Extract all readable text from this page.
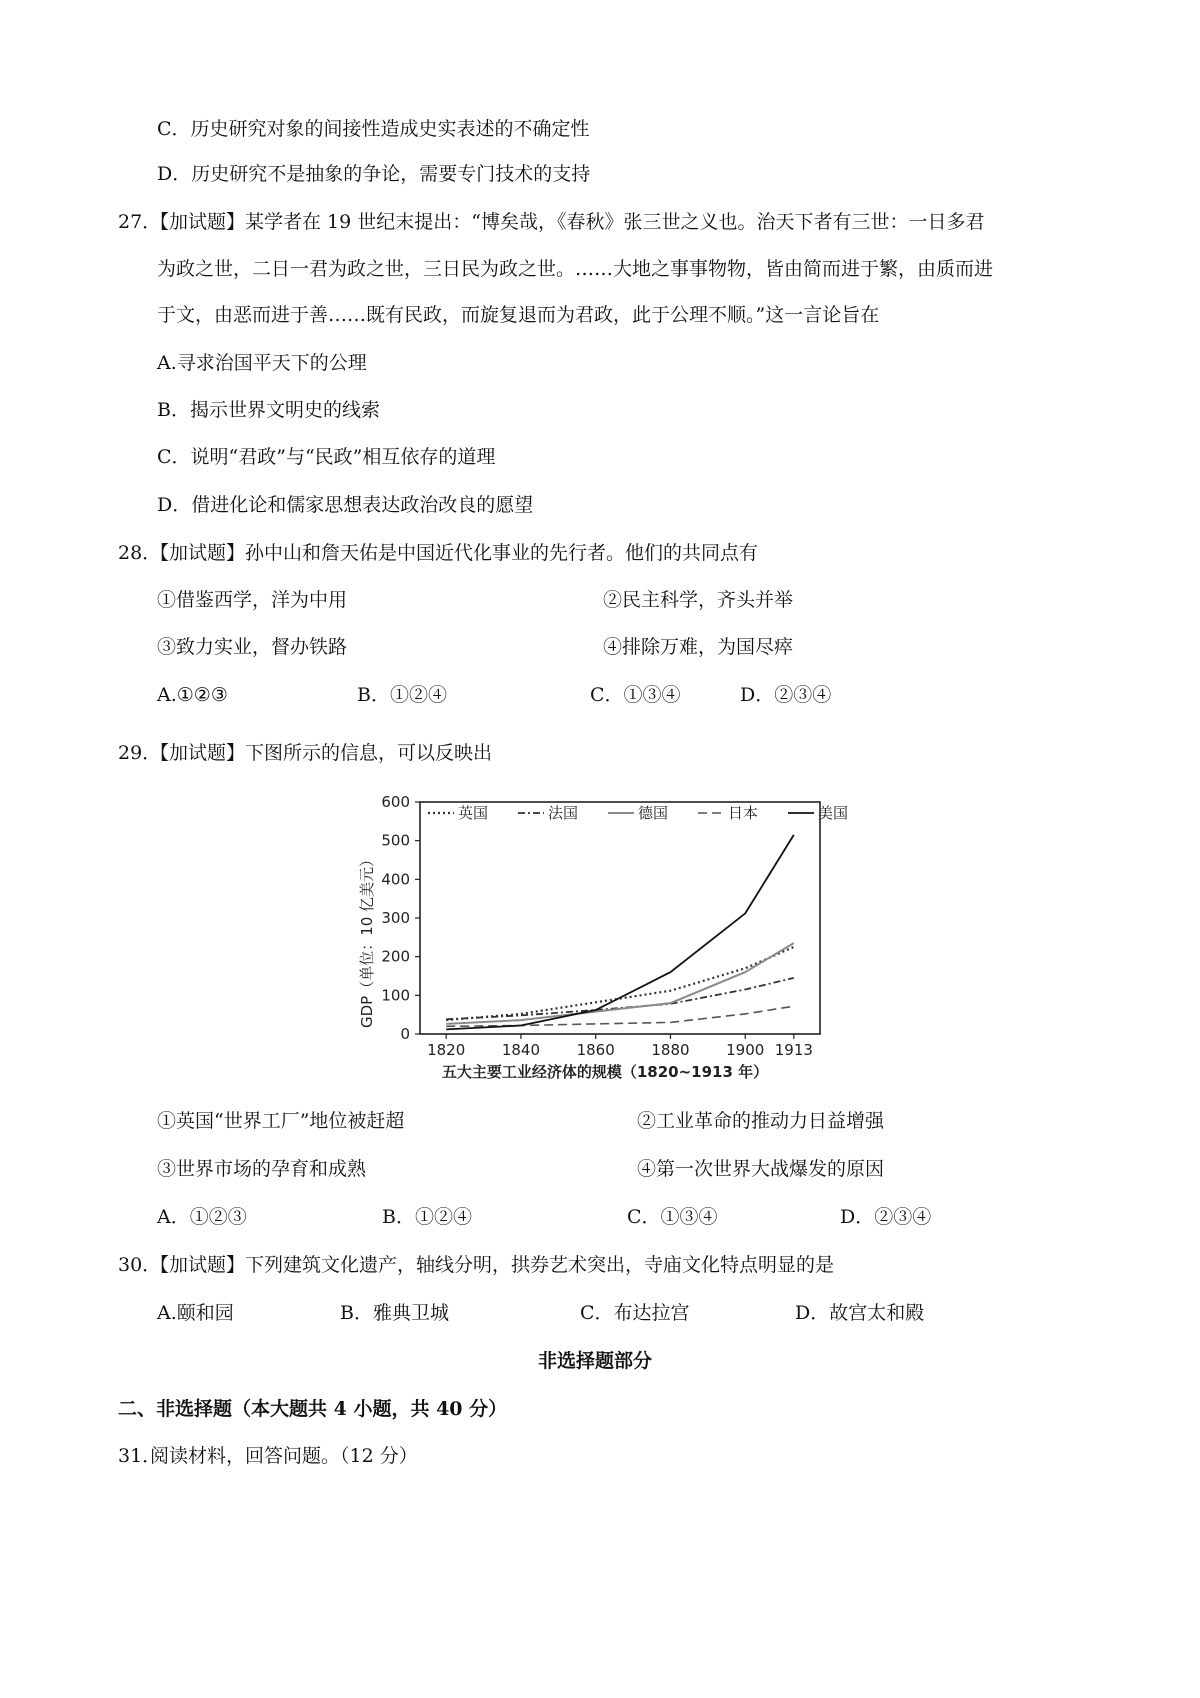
C．历史研究对象的间接性造成史实表述的不确定性
D．历史研究不是抽象的争论，需要专门技术的支持
27．
【加试题】某学者在 19 世纪末提出：“博矣哉，《春秋》张三世之义也。治天下者有三世：一日多君
为政之世，二日一君为政之世，三日民为政之世。……大地之事事物物，皆由简而进于繁，由质而进
于文，由恶而进于善……既有民政，而旋复退而为君政，此于公理不顺。”这一言论旨在
A.寻求治国平天下的公理
B．揭示世界文明史的线索
C．说明“君政”与“民政”相互依存的道理
D．借进化论和儒家思想表达政治改良的愿望
28．
【加试题】孙中山和詹天佑是中国近代化事业的先行者。他们的共同点有
①借鉴西学，洋为中用	②民主科学，齐头并举
③致力实业，督办铁路	④排除万难，为国尽瘁
A.①②③	B．①②④	C．①③④	D．②③④
29．
【加试题】下图所示的信息，可以反映出
GDP（单位：10 亿美元）
0
100
200
300
400
500
600
1820 1840 1860 1880 1900 1913
英国	法国	德国	日本	美国
五大主要工业经济体的规模（1820~1913 年）
①英国“世界工厂”地位被赶超	②工业革命的推动力日益增强
③世界市场的孕育和成熟	④第一次世界大战爆发的原因
A．①②③	B．①②④	C．①③④	D．②③④
30．
【加试题】下列建筑文化遗产，轴线分明，拱券艺术突出，寺庙文化特点明显的是
A.颐和园	B．雅典卫城	C．布达拉宫	D．故宫太和殿
非选择题部分
二、非选择题（本大题共 4 小题，共 40 分）
31．
阅读材料，回答问题。（12 分）
